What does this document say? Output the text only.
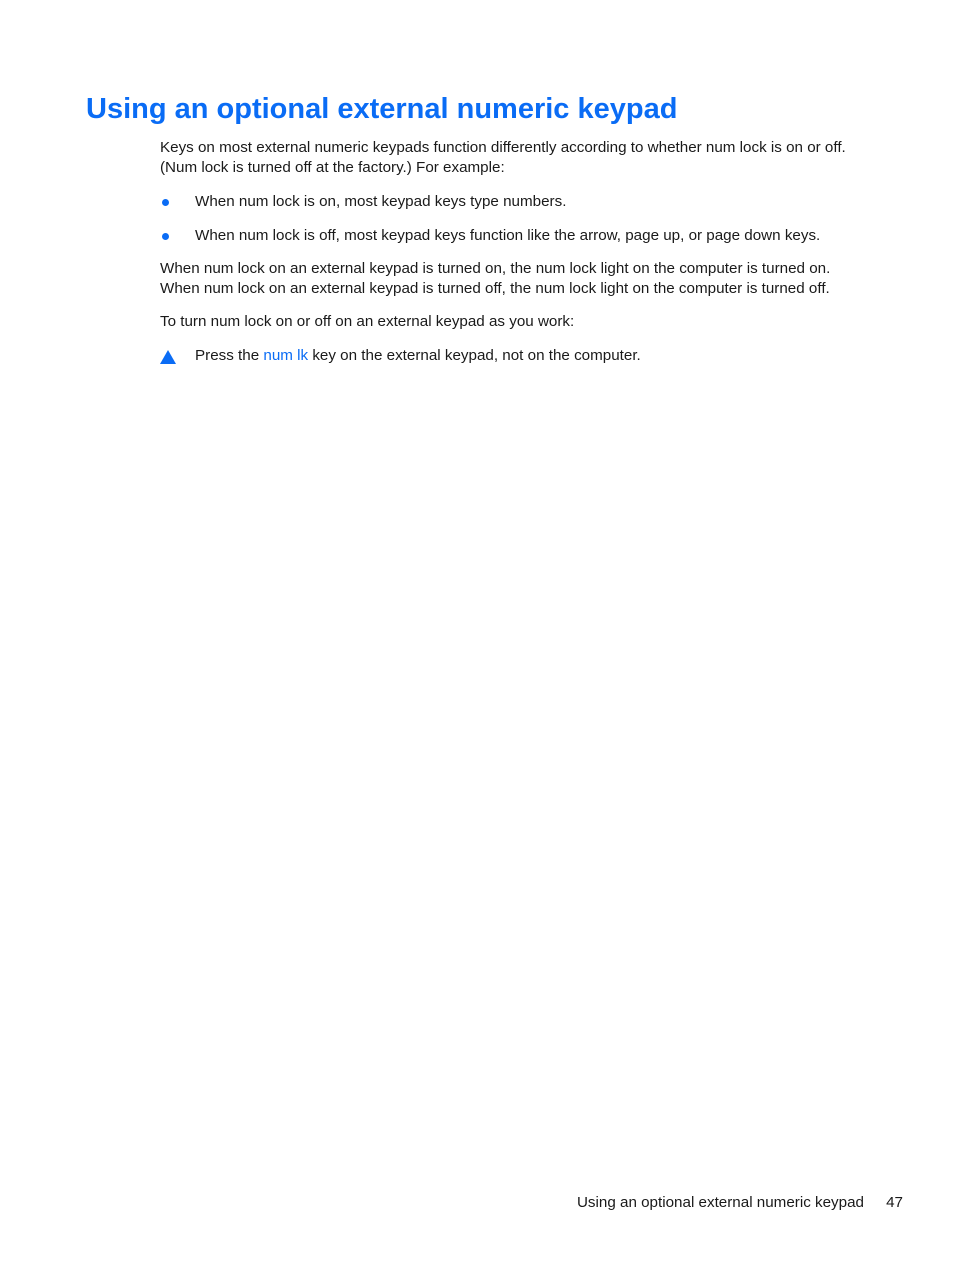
Using an optional external numeric keypad

Keys on most external numeric keypads function differently according to whether num lock is on or off.
(Num lock is turned off at the factory.) For example:

When num lock is on, most keypad keys type numbers.
When num lock is off, most keypad keys function like the arrow, page up, or page down keys.

When num lock on an external keypad is turned on, the num lock light on the computer is turned on.
When num lock on an external keypad is turned off, the num lock light on the computer is turned off.

To turn num lock on or off on an external keypad as you work:

Press the num lk key on the external keypad, not on the computer.
Using an optional external numeric keypad 47
